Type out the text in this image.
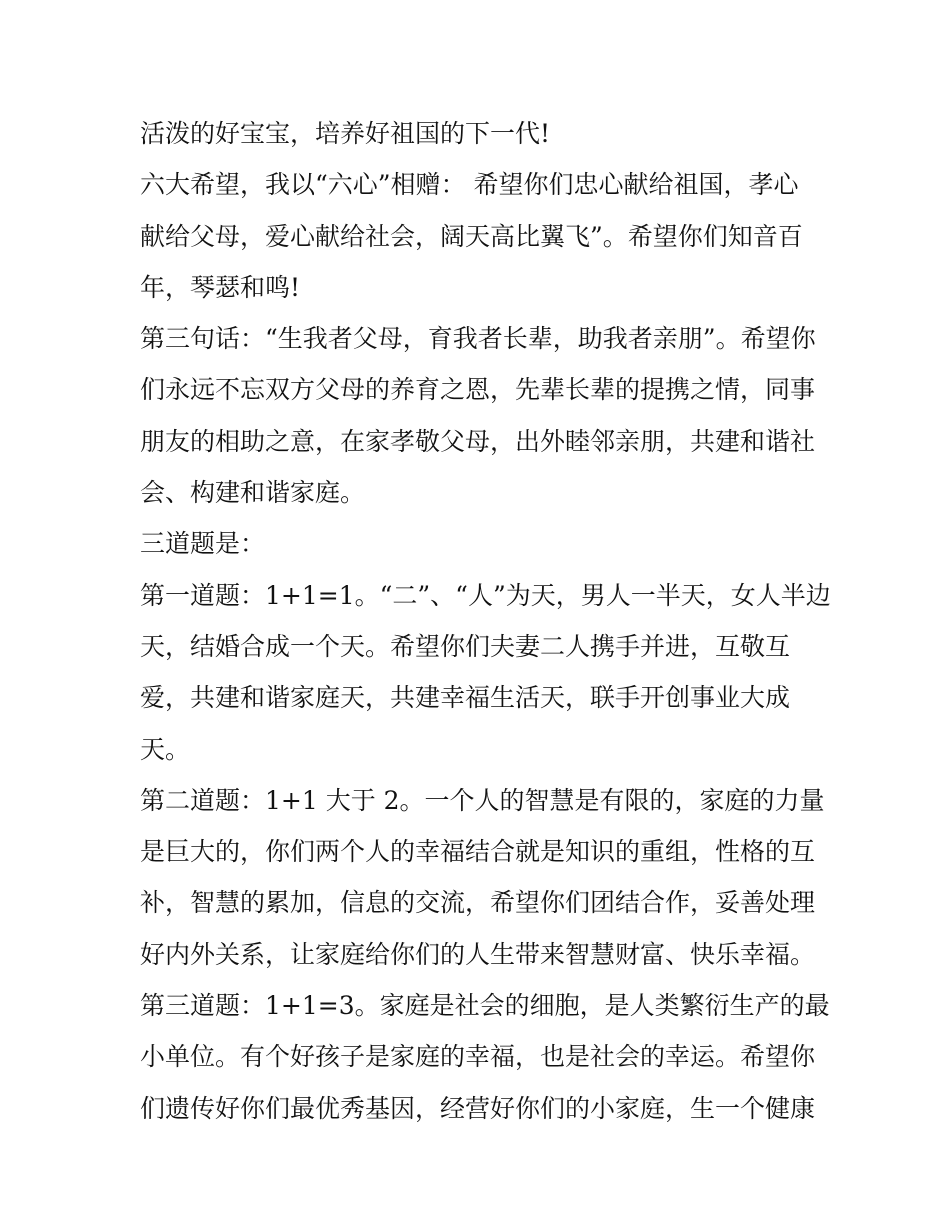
活泼的好宝宝，培养好祖国的下一代!

六大希望，我以“六心”相赠： 希望你们忠心献给祖国，孝心
献给父母，爱心献给社会，阔天高比翼飞”。希望你们知音百
年，琴瑟和鸣!

第三句话：“生我者父母，育我者长辈，助我者亲朋”。希望你
们永远不忘双方父母的养育之恩，先辈长辈的提携之情，同事
朋友的相助之意，在家孝敬父母，出外睦邻亲朋，共建和谐社
会、构建和谐家庭。

三道题是：

第一道题：1+1=1。“二”、“人”为天，男人一半天，女人半边
天，结婚合成一个天。希望你们夫妻二人携手并进，互敬互
爱，共建和谐家庭天，共建幸福生活天，联手开创事业大成
天。

第二道题：1+1 大于 2。一个人的智慧是有限的，家庭的力量
是巨大的，你们两个人的幸福结合就是知识的重组，性格的互
补，智慧的累加，信息的交流，希望你们团结合作，妥善处理
好内外关系，让家庭给你们的人生带来智慧财富、快乐幸福。

第三道题：1+1=3。家庭是社会的细胞，是人类繁衍生产的最
小单位。有个好孩子是家庭的幸福，也是社会的幸运。希望你
们遗传好你们最优秀基因，经营好你们的小家庭，生一个健康
